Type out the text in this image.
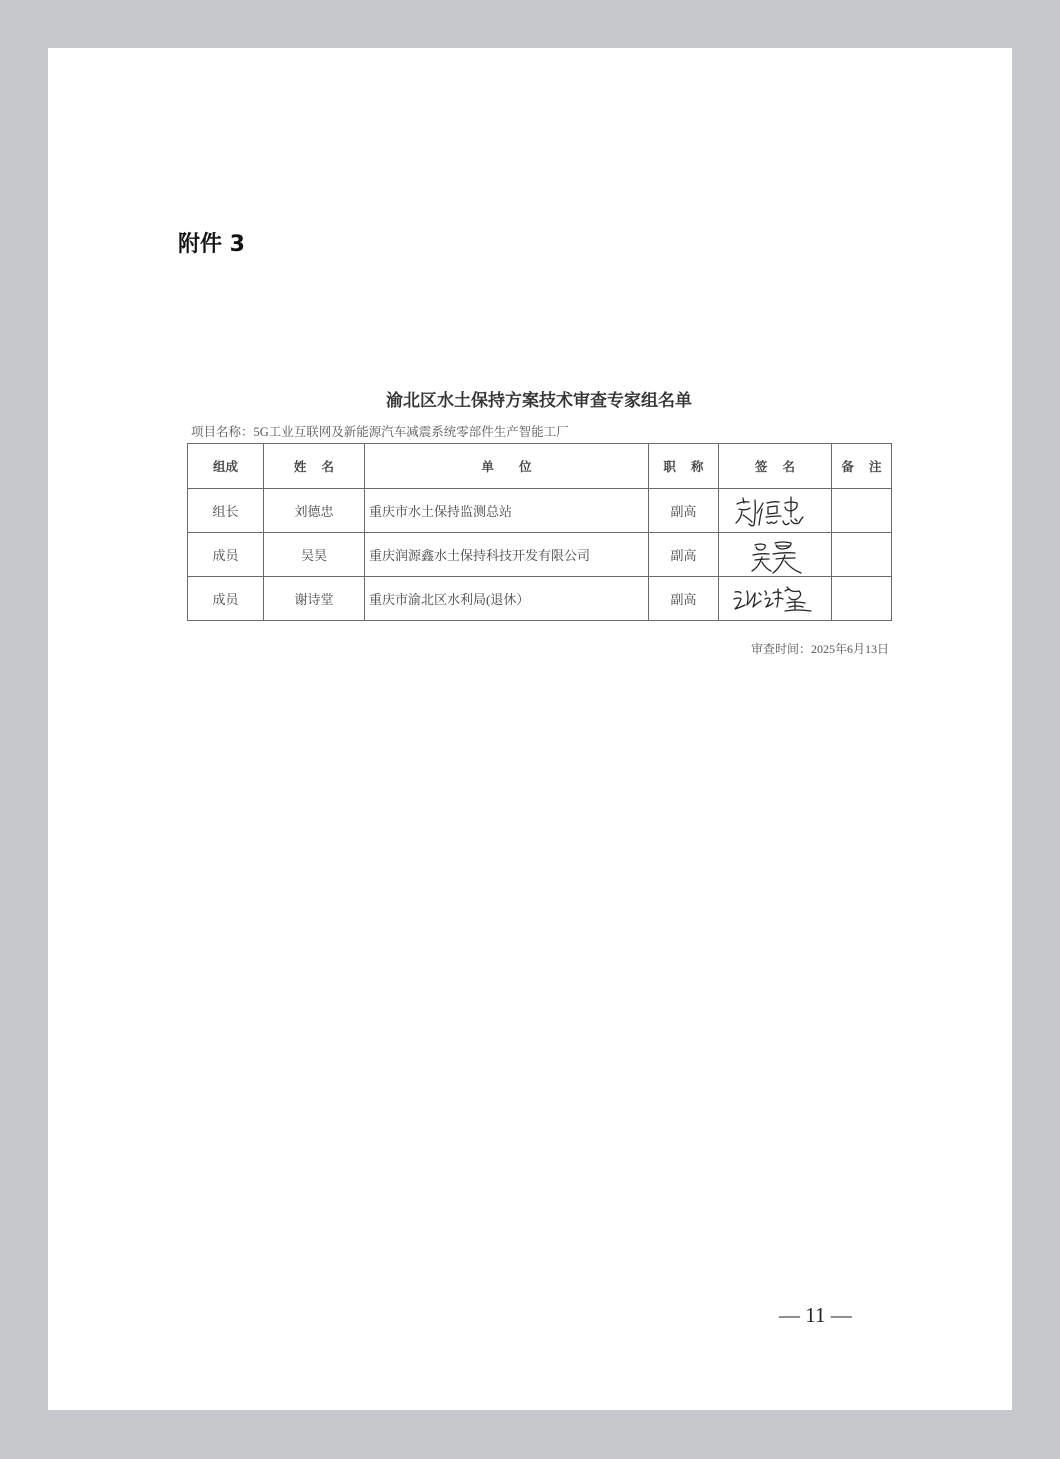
附件 3
渝北区水土保持方案技术审查专家组名单
项目名称：5G工业互联网及新能源汽车减震系统零部件生产智能工厂
组成	姓 名	单 位	职 称	签 名	备 注
组长	刘德忠	重庆市水土保持监测总站	副高	

成员	吴昊	重庆润源鑫水土保持科技开发有限公司	副高	

成员	谢诗堂	重庆市渝北区水利局(退休）	副高	

审查时间：2025年6月13日
— 11 —
